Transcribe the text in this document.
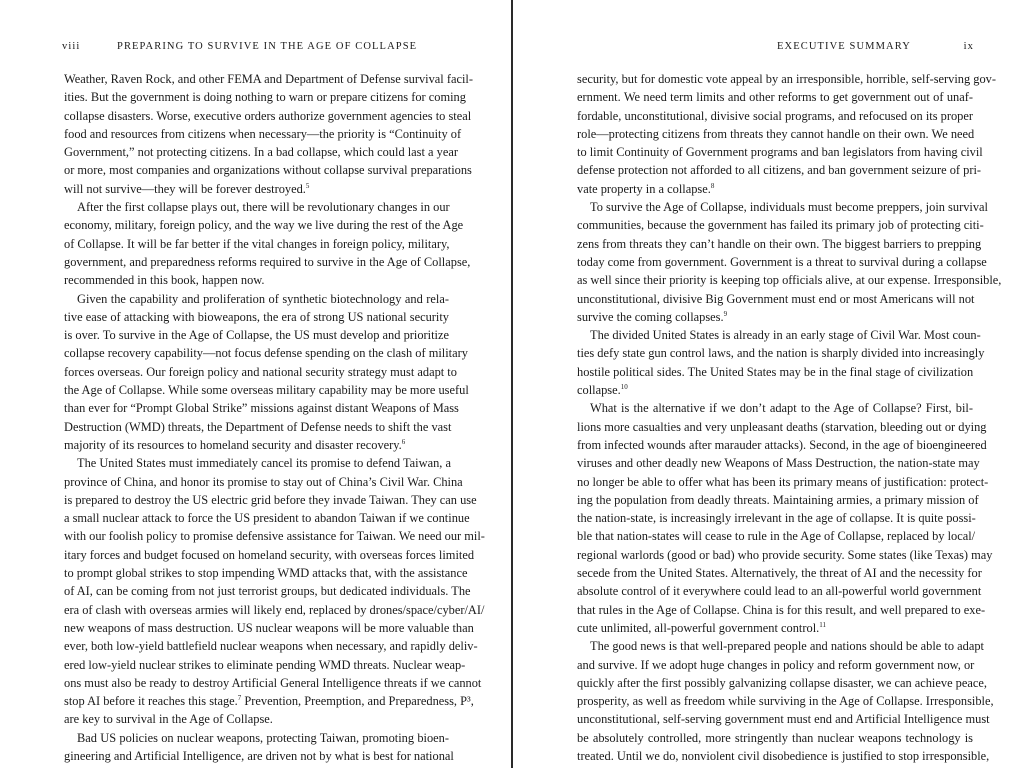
viii	PREPARING TO SURVIVE IN THE AGE OF COLLAPSE
Weather, Raven Rock, and other FEMA and Department of Defense survival facil-
ities. But the government is doing nothing to warn or prepare citizens for coming
collapse disasters. Worse, executive orders authorize government agencies to steal
food and resources from citizens when necessary—the priority is “Continuity of
Government,” not protecting citizens. In a bad collapse, which could last a year
or more, most companies and organizations without collapse survival preparations
will not survive—they will be forever destroyed.$^5$
After the first collapse plays out, there will be revolutionary changes in our
economy, military, foreign policy, and the way we live during the rest of the Age
of Collapse. It will be far better if the vital changes in foreign policy, military,
government, and preparedness reforms required to survive in the Age of Collapse,
recommended in this book, happen now.
Given the capability and proliferation of synthetic biotechnology and rela-
tive ease of attacking with bioweapons, the era of strong US national security
is over. To survive in the Age of Collapse, the US must develop and prioritize
collapse recovery capability—not focus defense spending on the clash of military
forces overseas. Our foreign policy and national security strategy must adapt to
the Age of Collapse. While some overseas military capability may be more useful
than ever for “Prompt Global Strike” missions against distant Weapons of Mass
Destruction (WMD) threats, the Department of Defense needs to shift the vast
majority of its resources to homeland security and disaster recovery.$^6$
The United States must immediately cancel its promise to defend Taiwan, a
province of China, and honor its promise to stay out of China’s Civil War. China
is prepared to destroy the US electric grid before they invade Taiwan. They can use
a small nuclear attack to force the US president to abandon Taiwan if we continue
with our foolish policy to promise defensive assistance for Taiwan. We need our mil-
itary forces and budget focused on homeland security, with overseas forces limited
to prompt global strikes to stop impending WMD attacks that, with the assistance
of AI, can be coming from not just terrorist groups, but dedicated individuals. The
era of clash with overseas armies will likely end, replaced by drones/space/cyber/AI/
new weapons of mass destruction. US nuclear weapons will be more valuable than
ever, both low-yield battlefield nuclear weapons when necessary, and rapidly deliv-
ered low-yield nuclear strikes to eliminate pending WMD threats. Nuclear weap-
ons must also be ready to destroy Artificial General Intelligence threats if we cannot
stop AI before it reaches this stage.$^7$ Prevention, Preemption, and Preparedness, P³,
are key to survival in the Age of Collapse.
Bad US policies on nuclear weapons, protecting Taiwan, promoting bioen-
gineering and Artificial Intelligence, are driven not by what is best for national
EXECUTIVE SUMMARY	ix
security, but for domestic vote appeal by an irresponsible, horrible, self-serving gov-
ernment. We need term limits and other reforms to get government out of unaf-
fordable, unconstitutional, divisive social programs, and refocused on its proper
role—protecting citizens from threats they cannot handle on their own. We need
to limit Continuity of Government programs and ban legislators from having civil
defense protection not afforded to all citizens, and ban government seizure of pri-
vate property in a collapse.$^8$
To survive the Age of Collapse, individuals must become preppers, join survival
communities, because the government has failed its primary job of protecting citi-
zens from threats they can’t handle on their own. The biggest barriers to prepping
today come from government. Government is a threat to survival during a collapse
as well since their priority is keeping top officials alive, at our expense. Irresponsible,
unconstitutional, divisive Big Government must end or most Americans will not
survive the coming collapses.$^9$
The divided United States is already in an early stage of Civil War. Most coun-
ties defy state gun control laws, and the nation is sharply divided into increasingly
hostile political sides. The United States may be in the final stage of civilization
collapse.$^{10}$
What is the alternative if we don’t adapt to the Age of Collapse? First, bil-
lions more casualties and very unpleasant deaths (starvation, bleeding out or dying
from infected wounds after marauder attacks). Second, in the age of bioengineered
viruses and other deadly new Weapons of Mass Destruction, the nation-state may
no longer be able to offer what has been its primary means of justification: protect-
ing the population from deadly threats. Maintaining armies, a primary mission of
the nation-state, is increasingly irrelevant in the age of collapse. It is quite possi-
ble that nation-states will cease to rule in the Age of Collapse, replaced by local/
regional warlords (good or bad) who provide security. Some states (like Texas) may
secede from the United States. Alternatively, the threat of AI and the necessity for
absolute control of it everywhere could lead to an all-powerful world government
that rules in the Age of Collapse. China is for this result, and well prepared to exe-
cute unlimited, all-powerful government control.$^{11}$
The good news is that well-prepared people and nations should be able to adapt
and survive. If we adopt huge changes in policy and reform government now, or
quickly after the first possibly galvanizing collapse disaster, we can achieve peace,
prosperity, as well as freedom while surviving in the Age of Collapse. Irresponsible,
unconstitutional, self-serving government must end and Artificial Intelligence must
be absolutely controlled, more stringently than nuclear weapons technology is
treated. Until we do, nonviolent civil disobedience is justified to stop irresponsible,
